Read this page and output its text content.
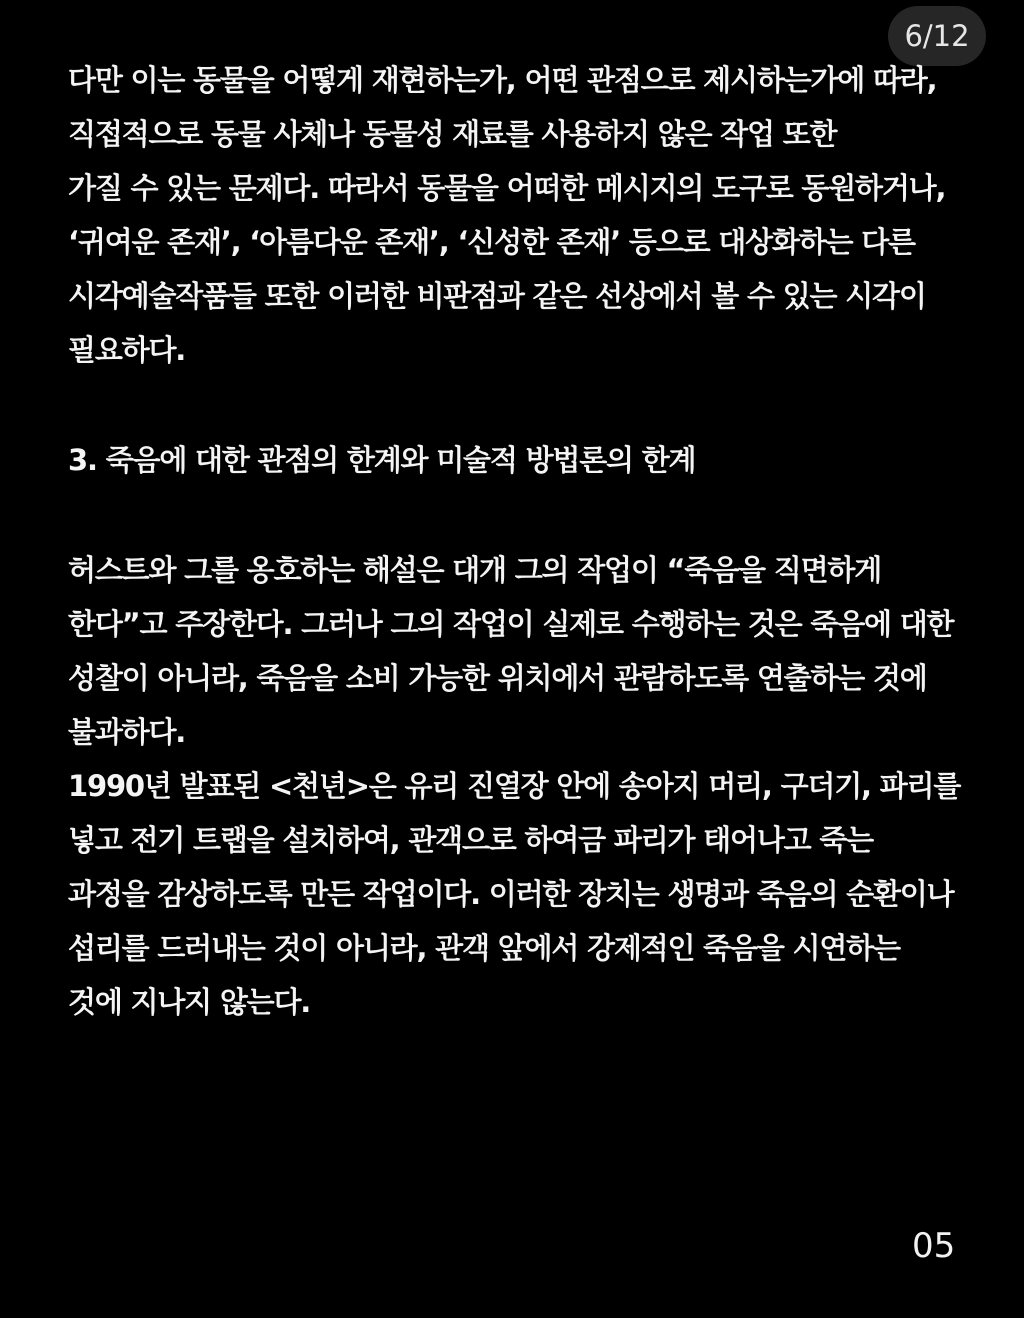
6/12

다만 이는 동물을 어떻게 재현하는가, 어떤 관점으로 제시하는가에 따라,

직접적으로 동물 사체나 동물성 재료를 사용하지 않은 작업 또한

가질 수 있는 문제다. 따라서 동물을 어떠한 메시지의 도구로 동원하거나,

‘귀여운 존재’, ‘아름다운 존재’, ‘신성한 존재’ 등으로 대상화하는 다른

시각예술작품들 또한 이러한 비판점과 같은 선상에서 볼 수 있는 시각이

필요하다.

3. 죽음에 대한 관점의 한계와 미술적 방법론의 한계

허스트와 그를 옹호하는 해설은 대개 그의 작업이 “죽음을 직면하게

한다”고 주장한다. 그러나 그의 작업이 실제로 수행하는 것은 죽음에 대한

성찰이 아니라, 죽음을 소비 가능한 위치에서 관람하도록 연출하는 것에

불과하다.

1990년 발표된 <천년>은 유리 진열장 안에 송아지 머리, 구더기, 파리를

넣고 전기 트랩을 설치하여, 관객으로 하여금 파리가 태어나고 죽는

과정을 감상하도록 만든 작업이다. 이러한 장치는 생명과 죽음의 순환이나

섭리를 드러내는 것이 아니라, 관객 앞에서 강제적인 죽음을 시연하는

것에 지나지 않는다.

05
